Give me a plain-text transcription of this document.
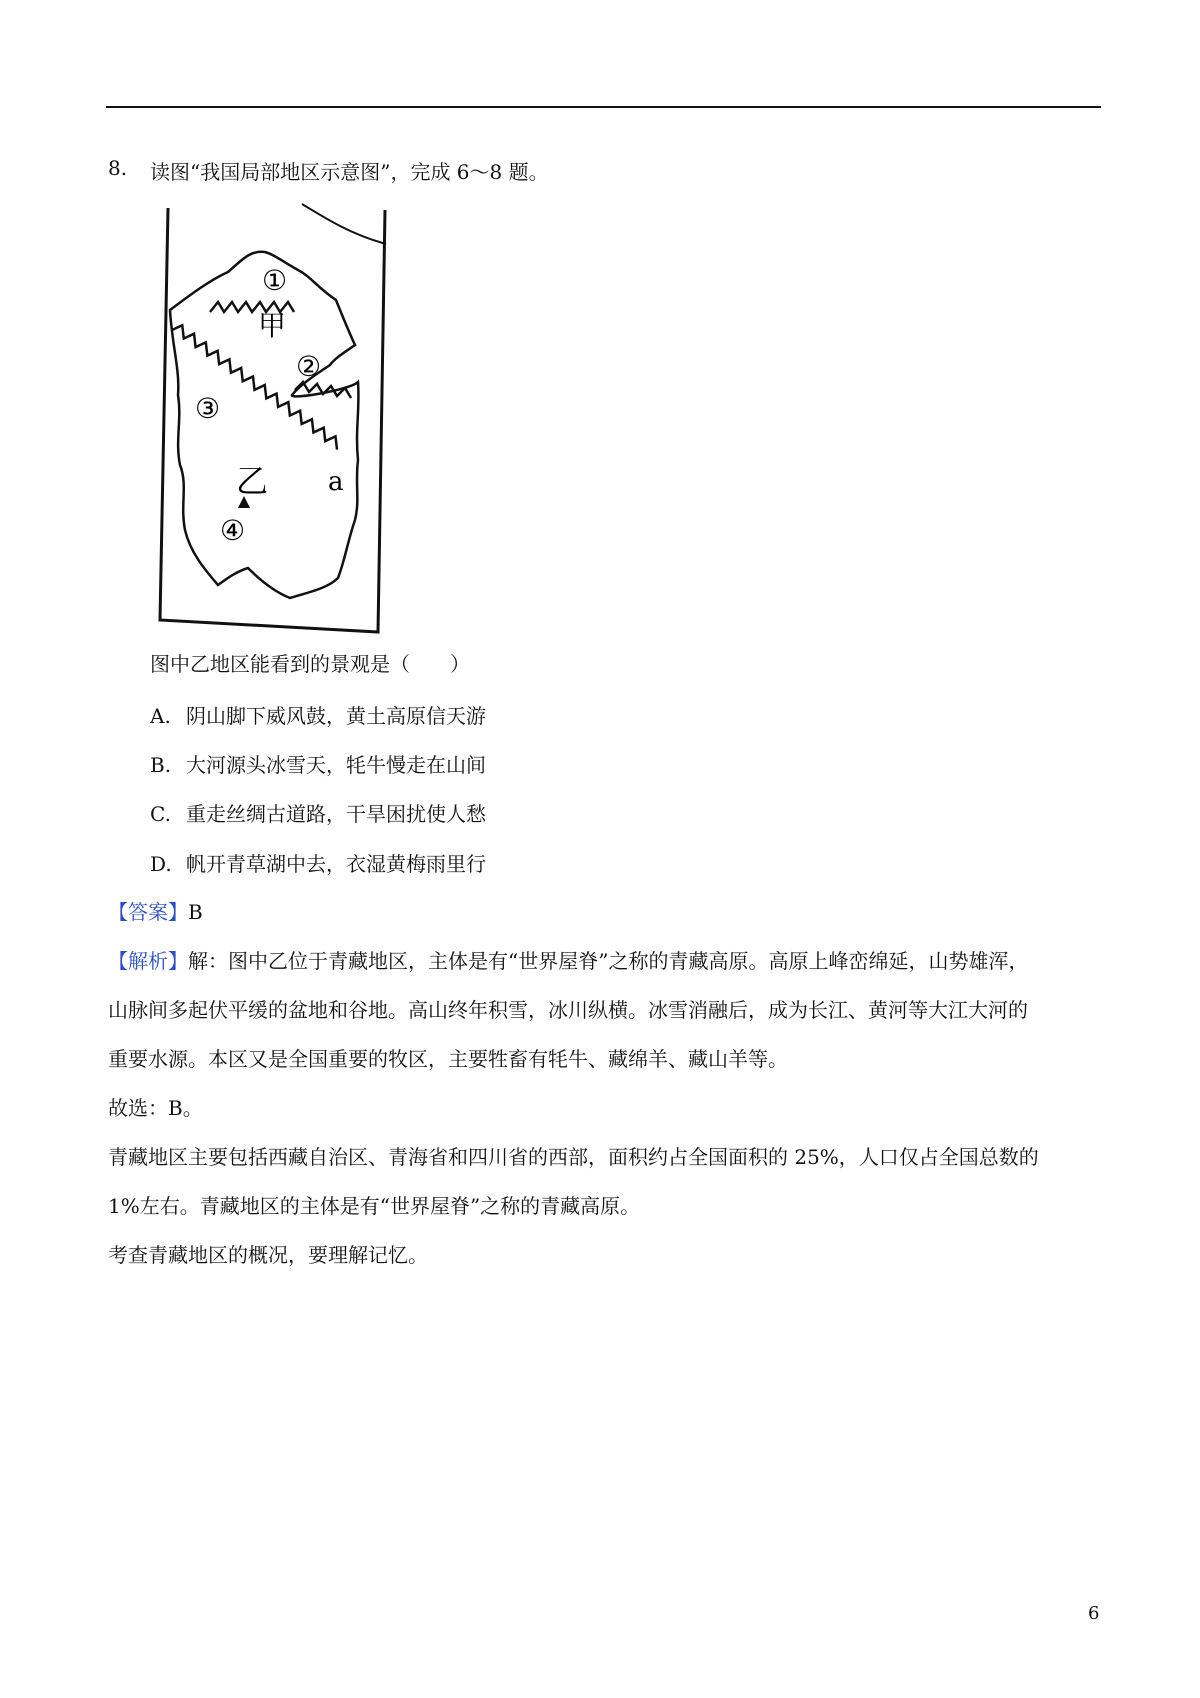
8. 读图“我国局部地区示意图”，完成 6～8 题。
①
②
③
④
甲
乙 a
图中乙地区能看到的景观是（　　）
A. 阴山脚下威风鼓，黄土高原信天游
B. 大河源头冰雪天，牦牛慢走在山间
C. 重走丝绸古道路，干旱困扰使人愁
D. 帆开青草湖中去，衣湿黄梅雨里行
【答案】B
【解析】解：图中乙位于青藏地区，主体是有“世界屋脊”之称的青藏高原。高原上峰峦绵延，山势雄浑，
山脉间多起伏平缓的盆地和谷地。高山终年积雪，冰川纵横。冰雪消融后，成为长江、黄河等大江大河的
重要水源。本区又是全国重要的牧区，主要牲畜有牦牛、藏绵羊、藏山羊等。
故选：B。
青藏地区主要包括西藏自治区、青海省和四川省的西部，面积约占全国面积的 25%，人口仅占全国总数的
1%左右。青藏地区的主体是有“世界屋脊”之称的青藏高原。
考查青藏地区的概况，要理解记忆。
6
